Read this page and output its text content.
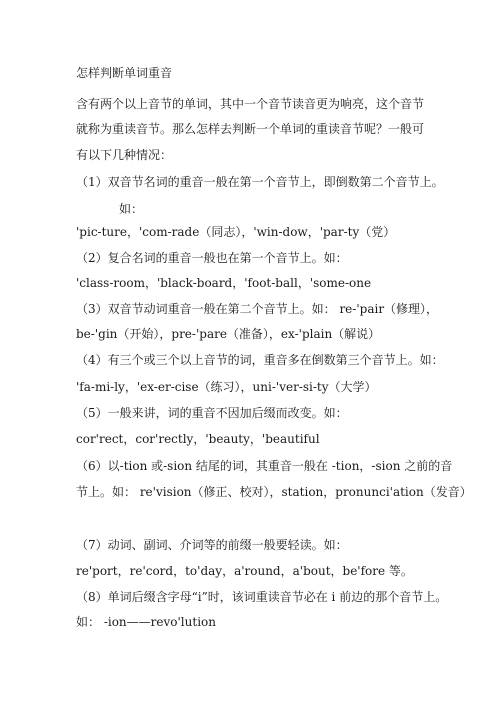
怎样判断单词重音
含有两个以上音节的单词，其中一个音节读音更为响亮，这个音节
就称为重读音节。那么怎样去判断一个单词的重读音节呢？一般可
有以下几种情况：
（1）双音节名词的重音一般在第一个音节上，即倒数第二个音节上。
如：
'pic-ture，'com-rade（同志），'win-dow，'par-ty（党）
（2）复合名词的重音一般也在第一个音节上。如：
'class-room，'black-board，'foot-ball，'some-one
（3）双音节动词重音一般在第二个音节上。如： re-'pair（修理），
be-'gin（开始），pre-'pare（准备），ex-'plain（解说）
（4）有三个或三个以上音节的词，重音多在倒数第三个音节上。如：
'fa-mi-ly，'ex-er-cise（练习），uni-'ver-si-ty（大学）
（5）一般来讲，词的重音不因加后缀而改变。如：
cor'rect，cor'rectly，'beauty，'beautiful
（6）以-tion 或-sion 结尾的词，其重音一般在 -tion，-sion 之前的音
节上。如： re'vision（修正、校对），station，pronunci'ation（发音）
（7）动词、副词、介词等的前缀一般要轻读。如：
re'port，re'cord，to'day，a'round，a'bout，be'fore 等。
（8）单词后缀含字母“i”时，该词重读音节必在 i 前边的那个音节上。
如： -ion——revo'lution
